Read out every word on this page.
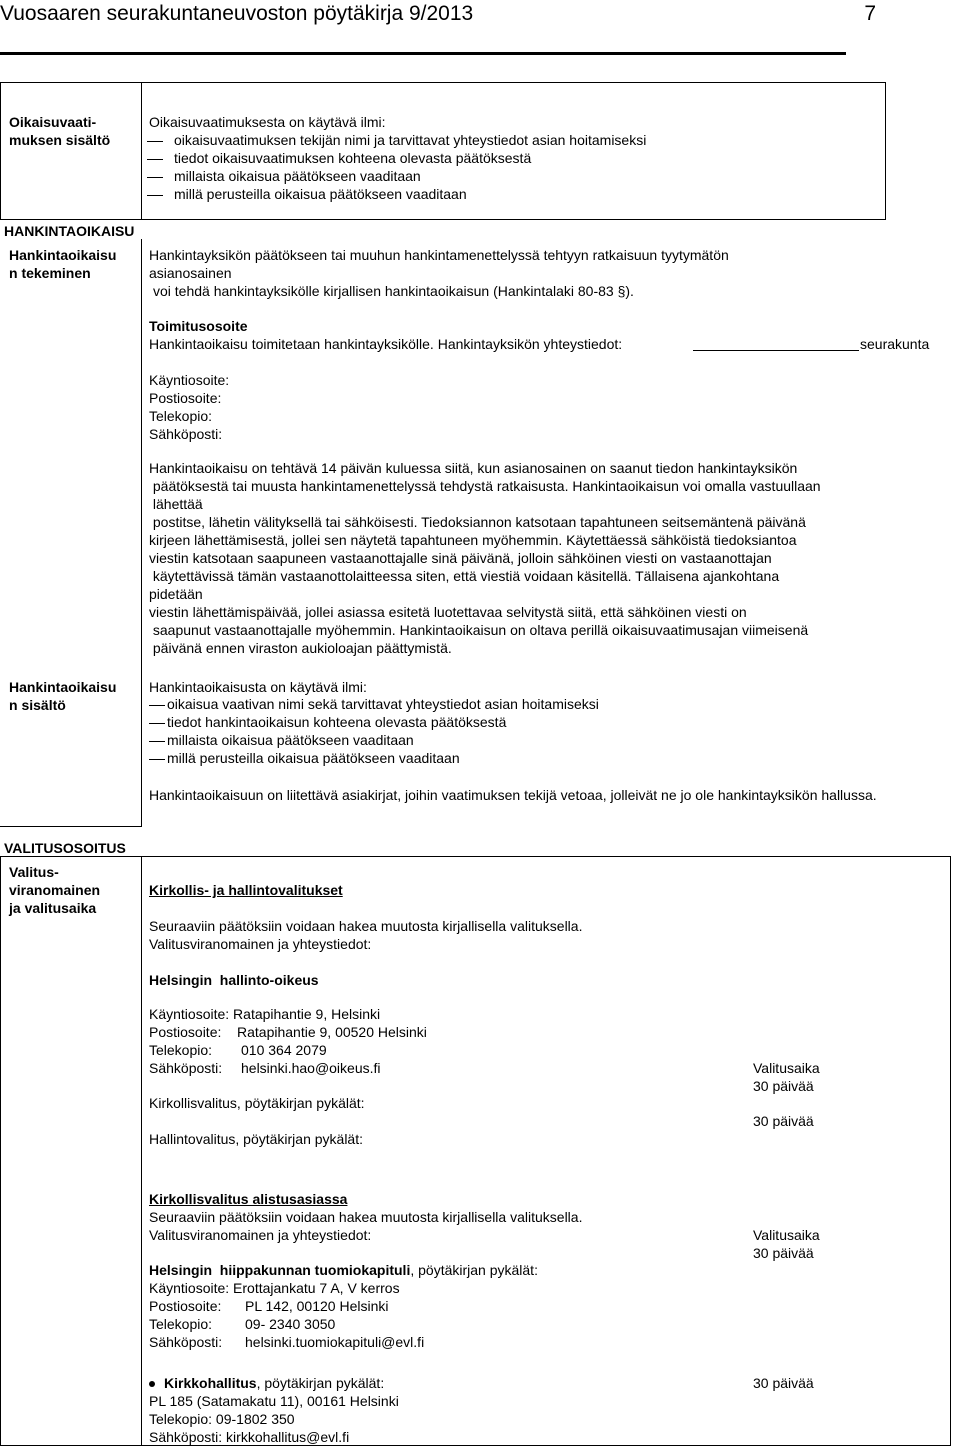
Vuosaaren seurakuntaneuvoston pöytäkirja 9/2013	7
Oikaisuvaati-
muksen sisältö
Oikaisuvaatimuksesta on käytävä ilmi:
oikaisuvaatimuksen tekijän nimi ja tarvittavat yhteystiedot asian hoitamiseksi
tiedot oikaisuvaatimuksen kohteena olevasta päätöksestä
millaista oikaisua päätökseen vaaditaan
millä perusteilla oikaisua päätökseen vaaditaan
HANKINTAOIKAISU
Hankintaoikaisu
n tekeminen
Hankintayksikön päätökseen tai muuhun hankintamenettelyssä tehtyyn ratkaisuun tyytymätön
asianosainen
voi tehdä hankintayksikölle kirjallisen hankintaoikaisun (Hankintalaki 80-83 §).
Toimitusosoite
Hankintaoikaisu toimitetaan hankintayksikölle. Hankintayksikön yhteystiedot:	seurakunta
Käyntiosoite:
Postiosoite:
Telekopio:
Sähköposti:
Hankintaoikaisu on tehtävä 14 päivän kuluessa siitä, kun asianosainen on saanut tiedon hankintayksikön
päätöksestä tai muusta hankintamenettelyssä tehdystä ratkaisusta. Hankintaoikaisun voi omalla vastuullaan
lähettää
postitse, lähetin välityksellä tai sähköisesti. Tiedoksiannon katsotaan tapahtuneen seitsemäntenä päivänä
kirjeen lähettämisestä, jollei sen näytetä tapahtuneen myöhemmin. Käytettäessä sähköistä tiedoksiantoa
viestin katsotaan saapuneen vastaanottajalle sinä päivänä, jolloin sähköinen viesti on vastaanottajan
käytettävissä tämän vastaanottolaitteessa siten, että viestiä voidaan käsitellä. Tällaisena ajankohtana
pidetään
viestin lähettämispäivää, jollei asiassa esitetä luotettavaa selvitystä siitä, että sähköinen viesti on
saapunut vastaanottajalle myöhemmin. Hankintaoikaisun on oltava perillä oikaisuvaatimusajan viimeisenä
päivänä ennen viraston aukioloajan päättymistä.
Hankintaoikaisu
n sisältö
Hankintaoikaisusta on käytävä ilmi:
oikaisua vaativan nimi sekä tarvittavat yhteystiedot asian hoitamiseksi
tiedot hankintaoikaisun kohteena olevasta päätöksestä
millaista oikaisua päätökseen vaaditaan
millä perusteilla oikaisua päätökseen vaaditaan
Hankintaoikaisuun on liitettävä asiakirjat, joihin vaatimuksen tekijä vetoaa, jolleivät ne jo ole hankintayksikön hallussa.
VALITUSOSOITUS
Valitus-
viranomainen
ja valitusaika
Kirkollis- ja hallintovalitukset
Seuraaviin päätöksiin voidaan hakea muutosta kirjallisella valituksella.
Valitusviranomainen ja yhteystiedot:
Helsingin  hallinto-oikeus
Käyntiosoite: Ratapihantie 9, Helsinki
Postiosoite: Ratapihantie 9, 00520 Helsinki
Telekopio: 010 364 2079
Sähköposti: helsinki.hao@oikeus.fi	Valitusaika
30 päivää
Kirkollisvalitus, pöytäkirjan pykälät:
30 päivää
Hallintovalitus, pöytäkirjan pykälät:
Kirkollisvalitus alistusasiassa
Seuraaviin päätöksiin voidaan hakea muutosta kirjallisella valituksella.
Valitusviranomainen ja yhteystiedot:	Valitusaika
30 päivää
Helsingin  hiippakunnan tuomiokapituli, pöytäkirjan pykälät:
Käyntiosoite: Erottajankatu 7 A, V kerros
Postiosoite: PL 142, 00120 Helsinki
Telekopio: 09- 2340 3050
Sähköposti: helsinki.tuomiokapituli@evl.fi
Kirkkohallitus, pöytäkirjan pykälät:	30 päivää
PL 185 (Satamakatu 11), 00161 Helsinki
Telekopio: 09-1802 350
Sähköposti: kirkkohallitus@evl.fi
